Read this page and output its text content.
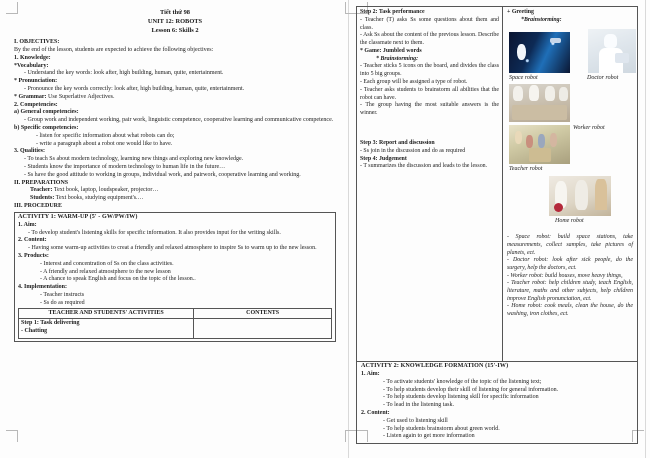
Tiết thứ 98
UNIT 12: ROBOTS
Lesson 6: Skills 2
I. OBJECTIVES:
By the end of the lesson, students are expected to achieve the following objectives:
1. Knowledge:
*Vocabulary:
- Understand the key words: look after, high building, human, quite, entertainment.
* Pronunciation:
- Pronounce the key words correctly: look after, high building, human, quite, entertainment.
* Grammar: Use Superlative Adjectives.
2. Competencies:
a) General competencies:
- Group work and independent working, pair work, linguistic competence, cooperative learning and communicative competence.
b) Specific competencies:
- listen for specific information about what robots can do;
- write a paragraph about a robot one would like to have.
3. Qualities:
- To teach Ss about modern technology, learning new things and exploring new knowledge.
- Students know the importance of modern technology to human life in the future…
- Ss have the good attitude to working in groups, individual work, and pairwork, cooperative learning and working.
II. PREPARATIONS
Teacher: Text book, laptop, loudspeaker, projector…
Students: Text books, studying equipment's.…
III. PROCEDURE
ACTIVITY 1: WARM-UP (5' - GW/PW/IW)
1. Aim:
- To develop student's listening skills for specific information. It also provides input for the writing skills.
2. Content:
- Having some warm-up activities to creat a friendly and relaxed atmosphere to inspire Ss to warm up to the new lesson.
3. Products:
- Interest and concentration of Ss on the class activities.
- A friendly and relaxed atmostphere to the new lesson
- A chance to speak English and focus on the topic of the lesson..
4. Implementation:
- Teacher instructs
- Ss do as required
TEACHER AND STUDENTS' ACTIVITIES	CONTENTS

Step 1: Task delivering
- Chatting	

Step 2: Task performance
- Teacher (T) asks Ss some questions about them and class.
- Ask Ss about the content of the previous lesson. Describe the classmate next to them.
* Game: Jumbled words
* Brainstorming:
- Teacher sticks 5 icons on the board, and divides the class into 5 big groups.
- Each group will be assigned a type of robot.
- Teacher asks students to brainstorm all abilities that the robot can have.
- The group having the most suitable answers is the winner.
Step 3: Report and discussion
- Ss join in the discussion and do as required
Step 4: Judgement
- T summarizes the discussion and leads to the lesson.
+ Greeting
*Brainstorming:
Space robot	Doctor robot
Worker robot
Teacher robot
Home robot

- Space robot: build space stations, take measurements, collect samples, take pictures of planets, ect.

- Doctor robot: look after sick people, do the surgery, help the doctors, ect.

- Worker robot: build houses, move heavy things,

- Teacher robot: help children study, teach English, literature, maths and other subjects, help children improve English pronunciation, ect.

- Home robot: cook meals, clean the house, do the washing, iron clothes, ect.

ACTIVITY 2: KNOWLEDGE FORMATION (15'-IW)
1. Aim:
- To activate students' knowledge of the topic of the listening text;
- To help students develop their skill of listening for general information.
- To help students develop listening skill for specific information
- To lead in the listening task.
2. Content:
- Get used to listening skill
- To help students brainstorm about green world.
- Listen again to get more information
